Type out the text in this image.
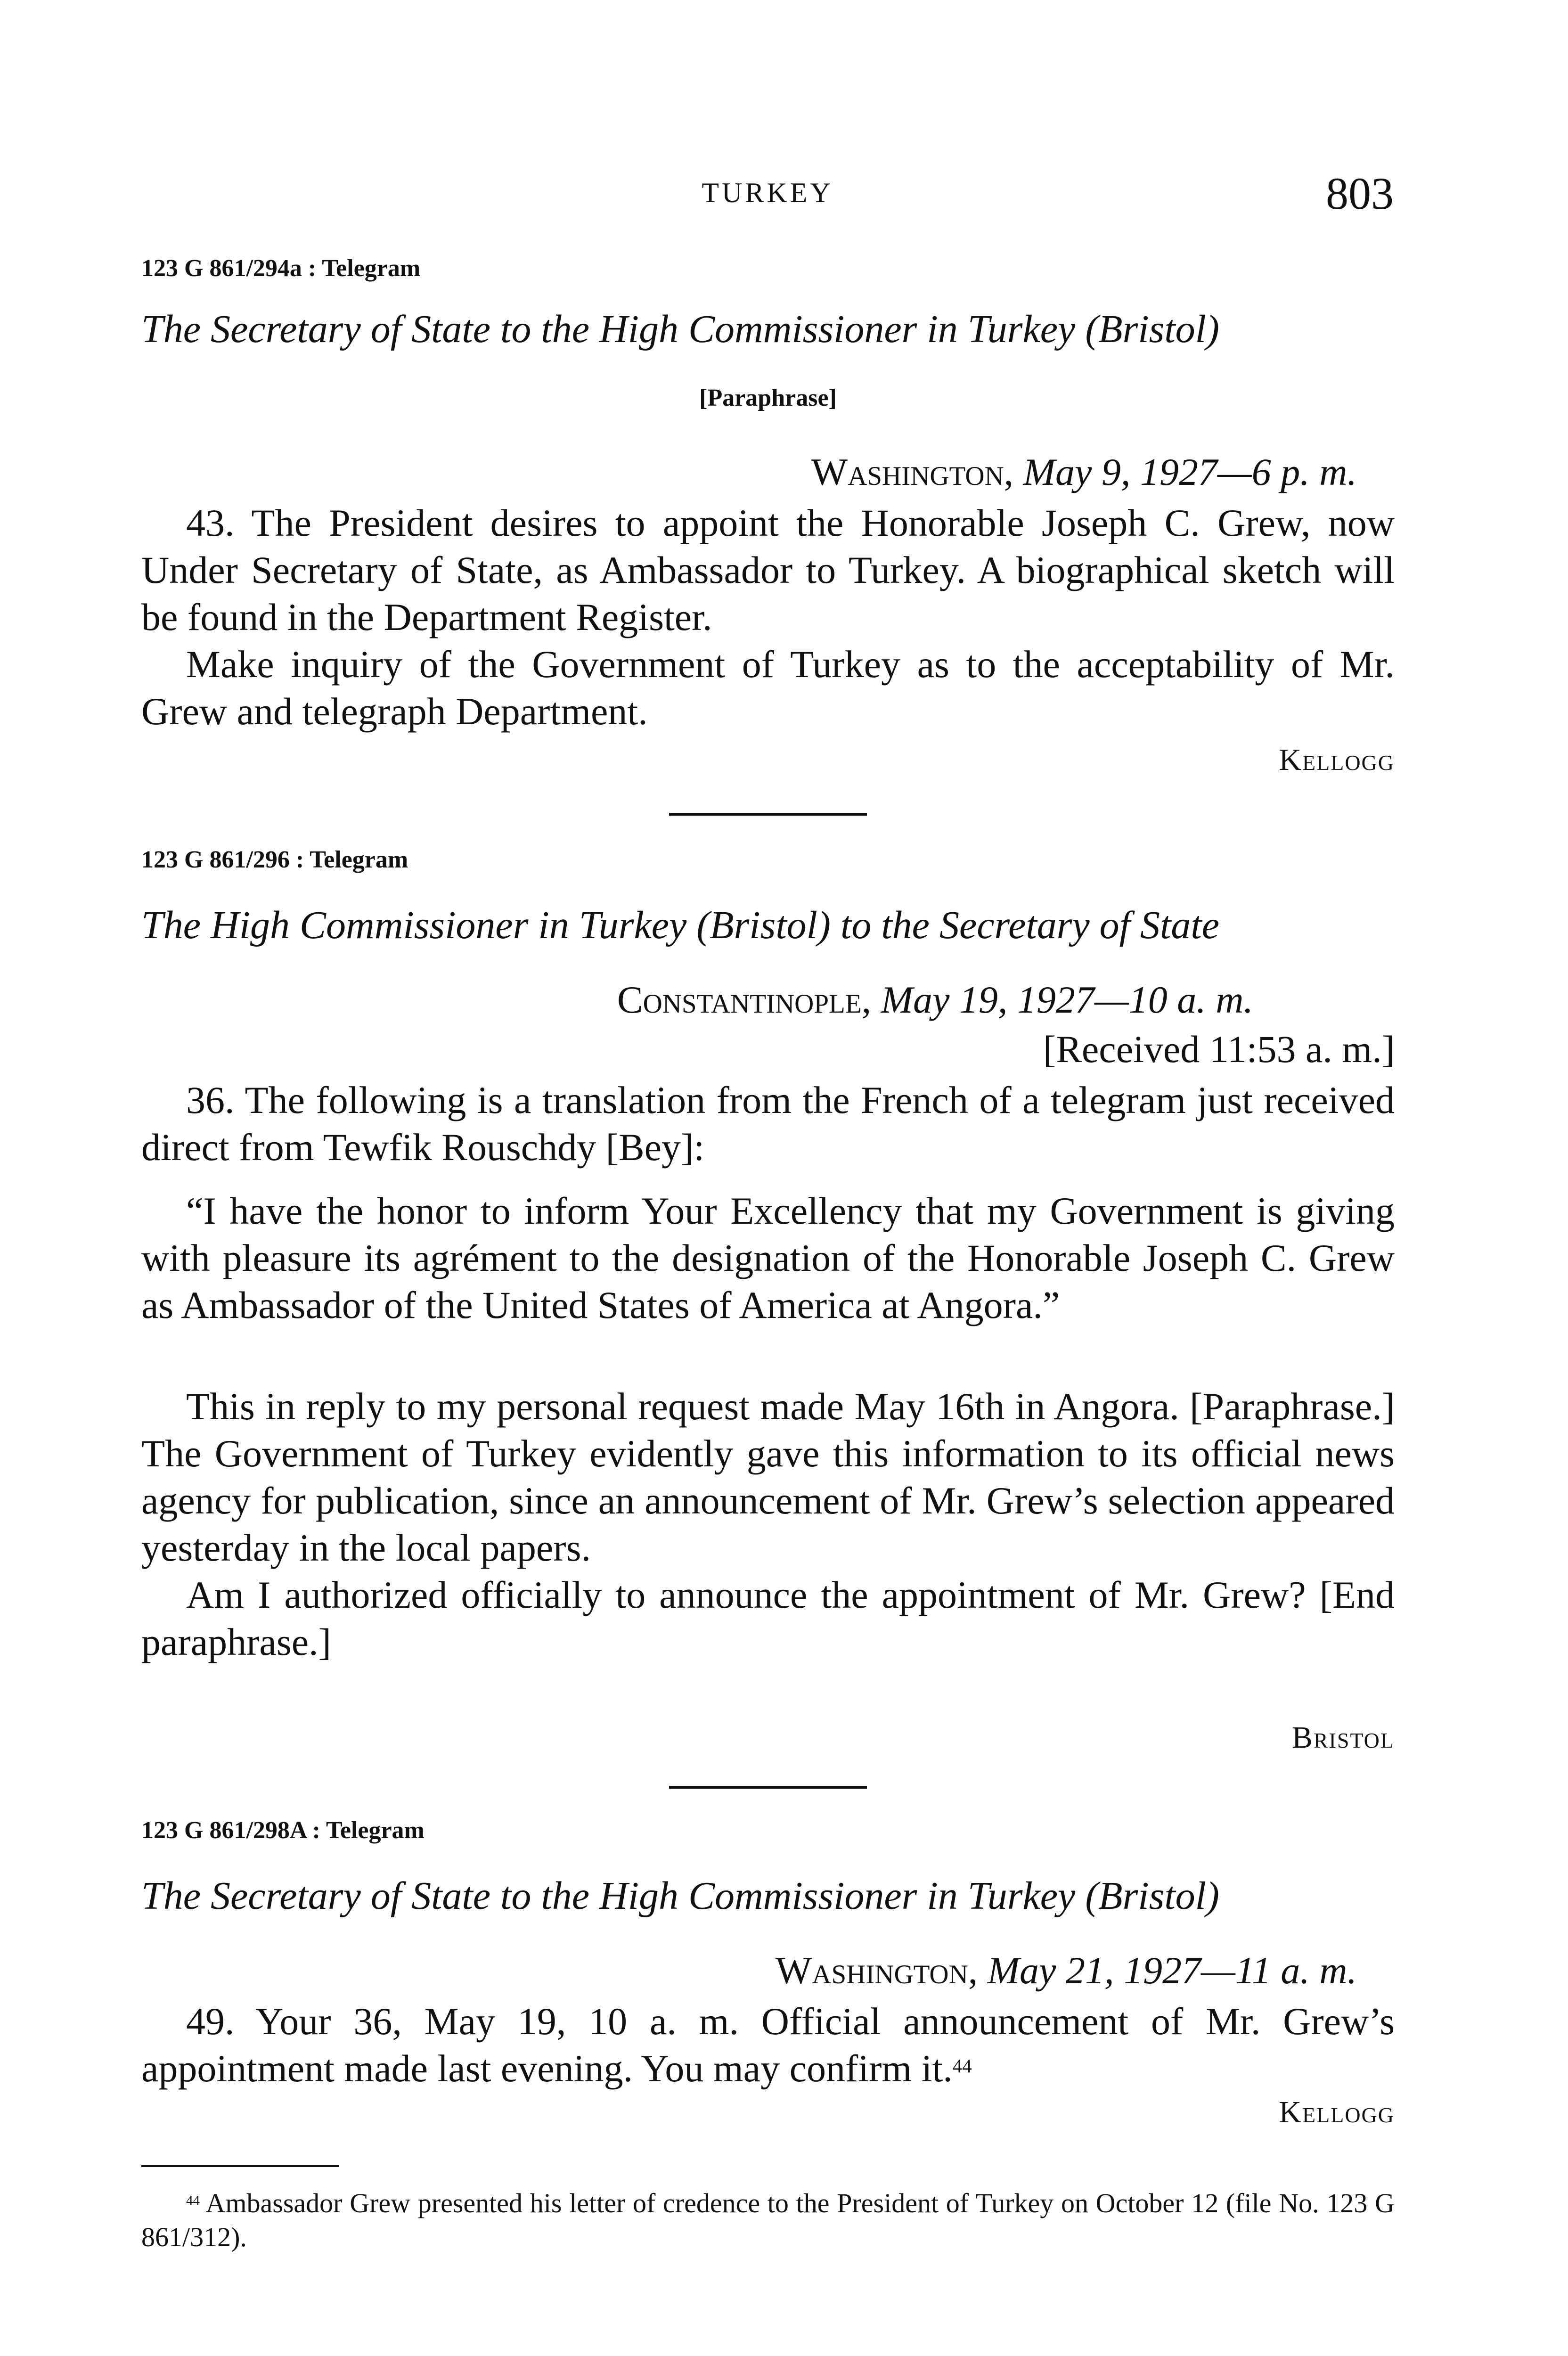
TURKEY	803
123 G 861/294a : Telegram
The Secretary of State to the High Commissioner in Turkey (Bristol)
[Paraphrase]
Washington, May 9, 1927—6 p. m.

43. The President desires to appoint the Honorable Joseph C. Grew, now Under Secretary of State, as Ambassador to Turkey. A biographical sketch will be found in the Department Register.

Make inquiry of the Government of Turkey as to the acceptability of Mr. Grew and telegraph Department.

Kellogg
123 G 861/296 : Telegram
The High Commissioner in Turkey (Bristol) to the Secretary of State
Constantinople, May 19, 1927—10 a. m.
[Received 11:53 a. m.]

36. The following is a translation from the French of a telegram just received direct from Tewfik Rouschdy [Bey]:

“I have the honor to inform Your Excellency that my Government is giving with pleasure its agrément to the designation of the Honorable Joseph C. Grew as Ambassador of the United States of America at Angora.”

This in reply to my personal request made May 16th in Angora. [Paraphrase.] The Government of Turkey evidently gave this information to its official news agency for publication, since an announcement of Mr. Grew’s selection appeared yesterday in the local papers.

Am I authorized officially to announce the appointment of Mr. Grew? [End paraphrase.]

Bristol
123 G 861/298A : Telegram
The Secretary of State to the High Commissioner in Turkey (Bristol)
Washington, May 21, 1927—11 a. m.

49. Your 36, May 19, 10 a. m. Official announcement of Mr. Grew’s appointment made last evening. You may confirm it.$^{44}$

Kellogg

$^{44}$ Ambassador Grew presented his letter of credence to the President of Turkey on October 12 (file No. 123 G 861/312).
